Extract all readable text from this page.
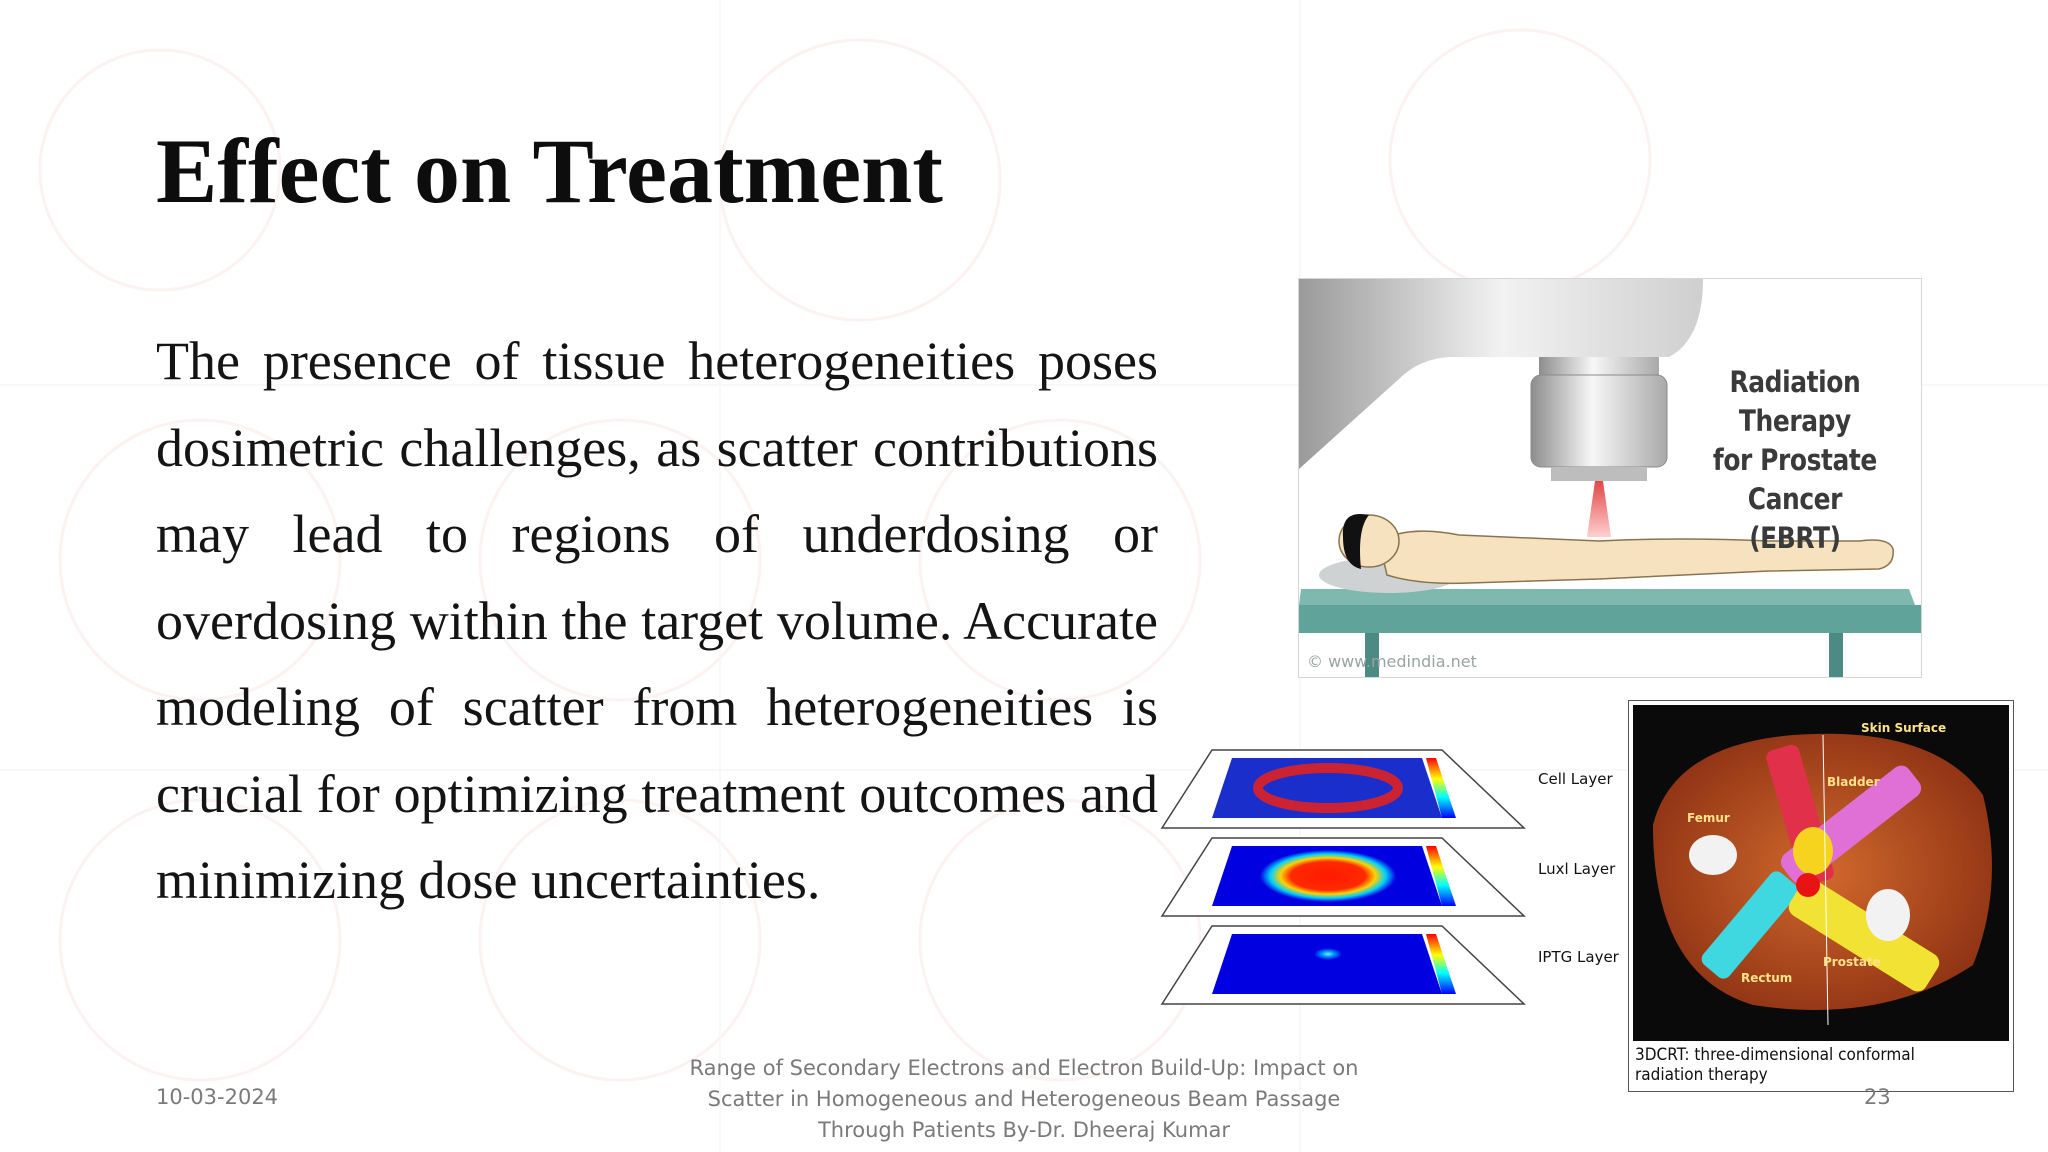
Effect on Treatment
The presence of tissue heterogeneities poses dosimetric challenges, as scatter contributions may lead to regions of underdosing or overdosing within the target volume. Accurate modeling of scatter from heterogeneities is crucial for optimizing treatment outcomes and minimizing dose uncertainties.
Radiation Therapy
for Prostate Cancer
(EBRT)
© www.medindia.net
Cell Layer
Luxl Layer
IPTG Layer
Skin Surface
Bladder
Femur
Prostate
Rectum
3DCRT: three-dimensional conformal radiation therapy
10-03-2024
Range of Secondary Electrons and Electron Build-Up: Impact on
Scatter in Homogeneous and Heterogeneous Beam Passage
Through Patients By-Dr. Dheeraj Kumar
23
